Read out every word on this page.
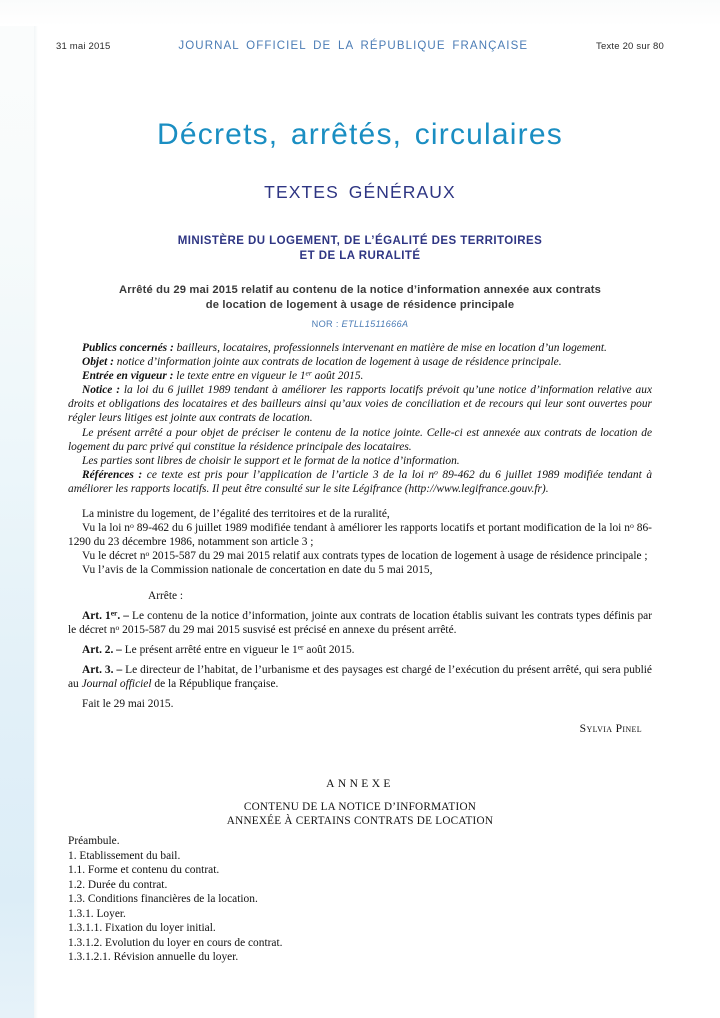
31 mai 2015	JOURNAL OFFICIEL DE LA RÉPUBLIQUE FRANÇAISE	Texte 20 sur 80
Décrets, arrêtés, circulaires
TEXTES GÉNÉRAUX
MINISTÈRE DU LOGEMENT, DE L’ÉGALITÉ DES TERRITOIRES
ET DE LA RURALITÉ
Arrêté du 29 mai 2015 relatif au contenu de la notice d’information annexée aux contrats
de location de logement à usage de résidence principale
NOR : ETLL1511666A

Publics concernés : bailleurs, locataires, professionnels intervenant en matière de mise en location d’un logement.

Objet : notice d’information jointe aux contrats de location de logement à usage de résidence principale.

Entrée en vigueur : le texte entre en vigueur le 1er août 2015.

Notice : la loi du 6 juillet 1989 tendant à améliorer les rapports locatifs prévoit qu’une notice d’information relative aux droits et obligations des locataires et des bailleurs ainsi qu’aux voies de conciliation et de recours qui leur sont ouvertes pour régler leurs litiges est jointe aux contrats de location.

Le présent arrêté a pour objet de préciser le contenu de la notice jointe. Celle-ci est annexée aux contrats de location de logement du parc privé qui constitue la résidence principale des locataires.

Les parties sont libres de choisir le support et le format de la notice d’information.

Références : ce texte est pris pour l’application de l’article 3 de la loi $n^o$ 89-462 du 6 juillet 1989 modifiée tendant à améliorer les rapports locatifs. Il peut être consulté sur le site Légifrance (http://www.legifrance.gouv.fr).

La ministre du logement, de l’égalité des territoires et de la ruralité,

Vu la loi $n^o$ 89-462 du 6 juillet 1989 modifiée tendant à améliorer les rapports locatifs et portant modification de la loi $n^o$ 86-1290 du 23 décembre 1986, notamment son article 3 ;

Vu le décret $n^o$ 2015-587 du 29 mai 2015 relatif aux contrats types de location de logement à usage de résidence principale ;

Vu l’avis de la Commission nationale de concertation en date du 5 mai 2015,

Arrête :

Art. 1er. – Le contenu de la notice d’information, jointe aux contrats de location établis suivant les contrats types définis par le décret $n^o$ 2015-587 du 29 mai 2015 susvisé est précisé en annexe du présent arrêté.

Art. 2. – Le présent arrêté entre en vigueur le 1er août 2015.

Art. 3. – Le directeur de l’habitat, de l’urbanisme et des paysages est chargé de l’exécution du présent arrêté, qui sera publié au Journal officiel de la République française.

Fait le 29 mai 2015.

Sylvia Pinel

ANNEXE
CONTENU DE LA NOTICE D’INFORMATION
ANNEXÉE À CERTAINS CONTRATS DE LOCATION
Préambule.
1. Etablissement du bail.
1.1. Forme et contenu du contrat.
1.2. Durée du contrat.
1.3. Conditions financières de la location.
1.3.1. Loyer.
1.3.1.1. Fixation du loyer initial.
1.3.1.2. Evolution du loyer en cours de contrat.
1.3.1.2.1. Révision annuelle du loyer.
